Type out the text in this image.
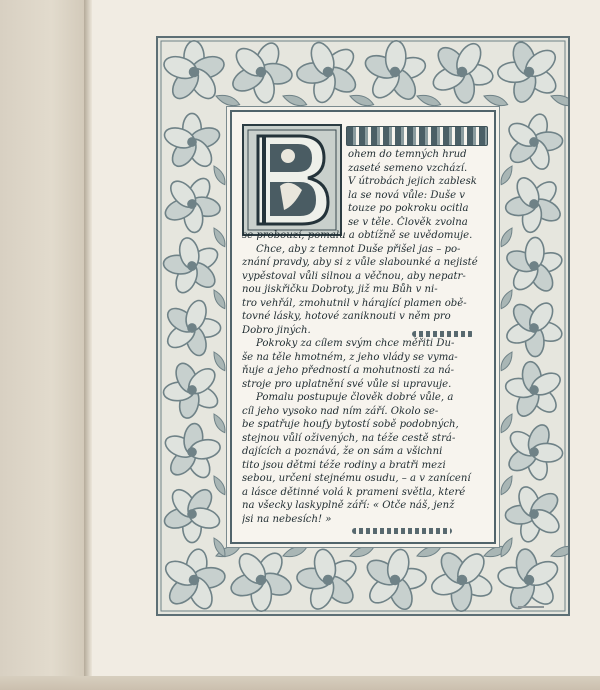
ohem do temných hrud
zaseté semeno vzchází.
V útrobách jejich zablesk
la se nová vůle: Duše v
touze po pokroku ocitla
se v těle. Člověk zvolna
se probouzí, pomalu a obtížně se uvědomuje.
Chce, aby z temnot Duše přišel jas – po-
znání pravdy, aby si z vůle slabounké a nejisté
vypěstoval vůli silnou a věčnou, aby nepatr-
nou jiskřičku Dobroty, již mu Bůh v ni-
tro vehřál, zmohutnil v hárající plamen obě-
tovné lásky, hotové zaniknouti v něm pro
Dobro jiných.
Pokroky za cílem svým chce měřiti Du-
še na těle hmotném, z jeho vlády se vyma-
ňuje a jeho předností a mohutnosti za ná-
stroje pro uplatnění své vůle si upravuje.
Pomalu postupuje člověk dobré vůle, a
cíl jeho vysoko nad ním září. Okolo se-
be spatřuje houfy bytostí sobě podobných,
stejnou vůlí oživených, na téže cestě strá-
dajících a poznává, že on sám a všichni
tito jsou dětmi téže rodiny a bratři mezi
sebou, určeni stejnému osudu, – a v zanícení
a lásce dětinné volá k prameni světla, které
na všecky laskyplně září: « Otče náš, jenž
jsi na nebesích! »
